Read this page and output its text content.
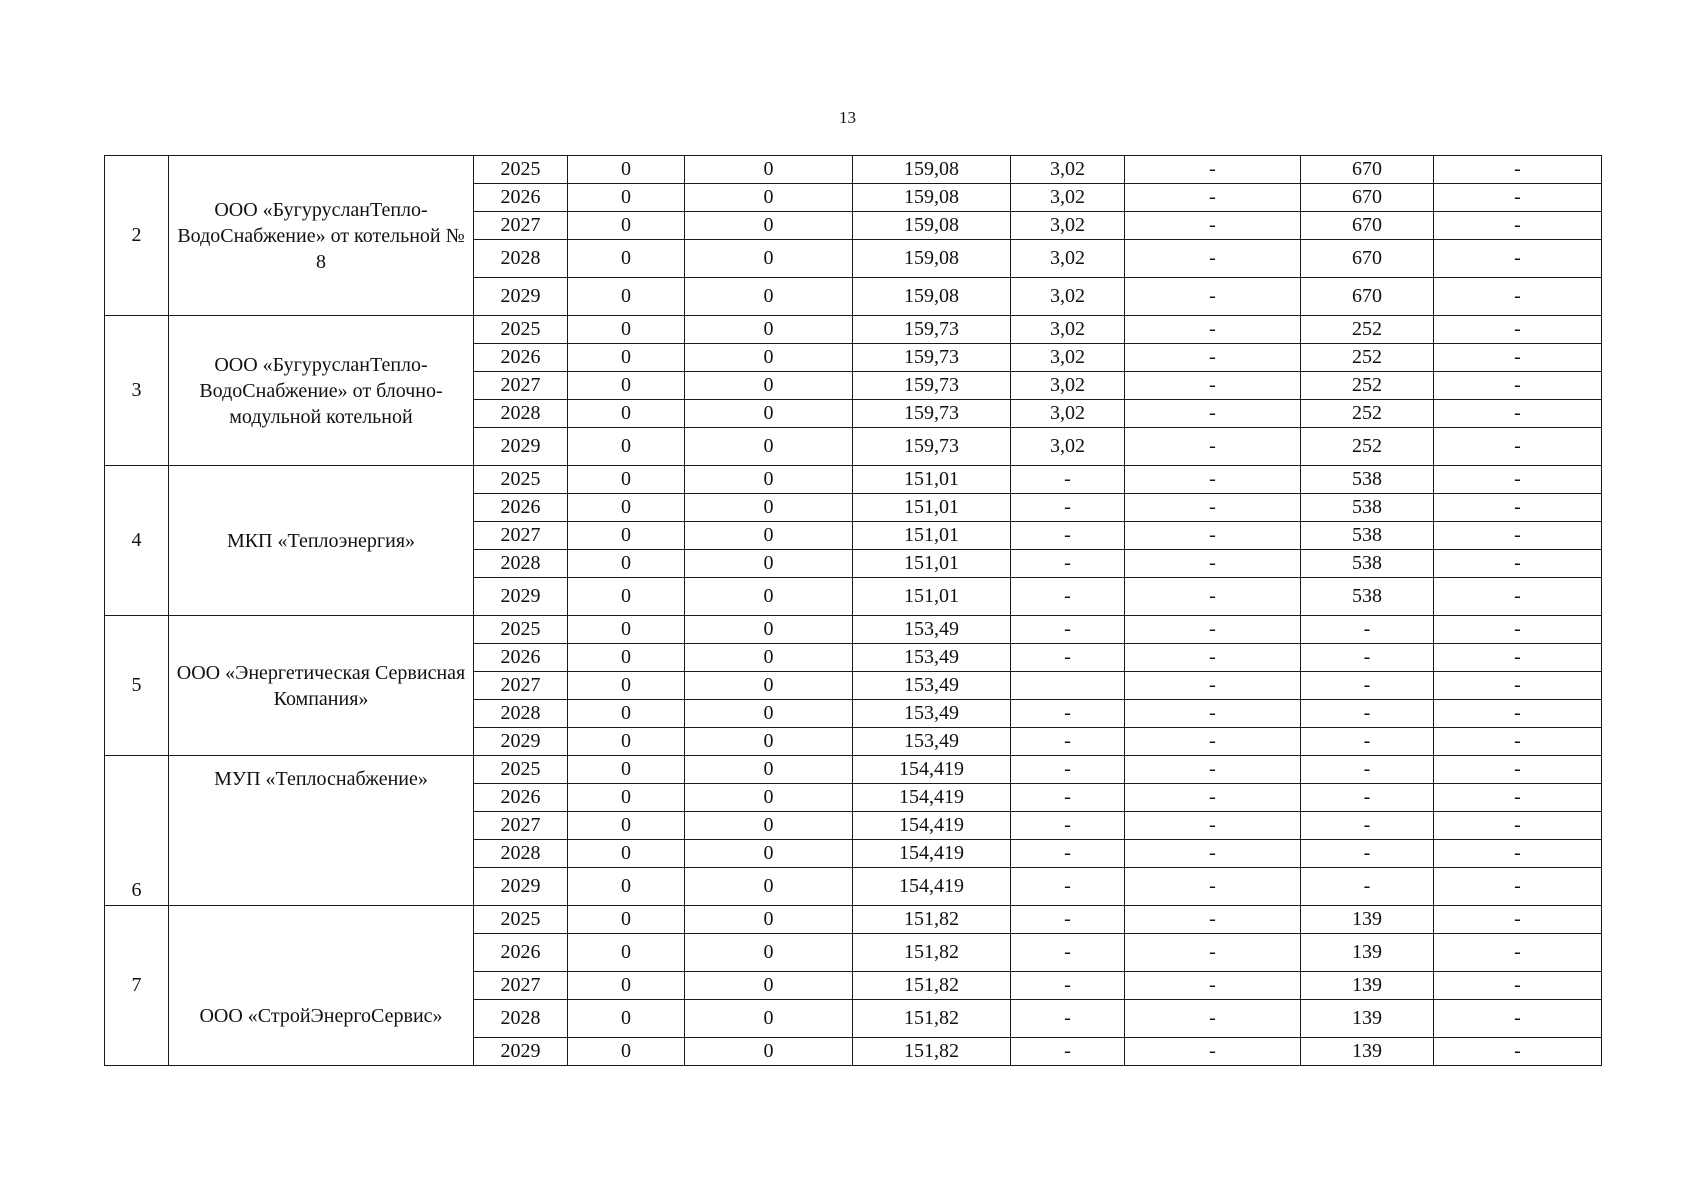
13
2	ООО «БугурусланТепло-ВодоСнабжение» от котельной № 8	2025	0	0	159,08	3,02	-	670	-
		2026	0	0	159,08	3,02	-	670	-
		2027	0	0	159,08	3,02	-	670	-
		2028	0	0	159,08	3,02	-	670	-
		2029	0	0	159,08	3,02	-	670	-
3	ООО «БугурусланТепло-ВодоСнабжение» от блочно-модульной котельной	2025	0	0	159,73	3,02	-	252	-
		2026	0	0	159,73	3,02	-	252	-
		2027	0	0	159,73	3,02	-	252	-
		2028	0	0	159,73	3,02	-	252	-
		2029	0	0	159,73	3,02	-	252	-
4	МКП «Теплоэнергия»	2025	0	0	151,01	-	-	538	-
		2026	0	0	151,01	-	-	538	-
		2027	0	0	151,01	-	-	538	-
		2028	0	0	151,01	-	-	538	-
		2029	0	0	151,01	-	-	538	-
5	ООО «Энергетическая Сервисная Компания»	2025	0	0	153,49	-	-	-	-
		2026	0	0	153,49	-	-	-	-
		2027	0	0	153,49		-	-	-
		2028	0	0	153,49	-	-	-	-
		2029	0	0	153,49	-	-	-	-
6	МУП «Теплоснабжение»	2025	0	0	154,419	-	-	-	-
		2026	0	0	154,419	-	-	-	-
		2027	0	0	154,419	-	-	-	-
		2028	0	0	154,419	-	-	-	-
		2029	0	0	154,419	-	-	-	-
7	ООО «СтройЭнергоСервис»	2025	0	0	151,82	-	-	139	-
		2026	0	0	151,82	-	-	139	-
		2027	0	0	151,82	-	-	139	-
		2028	0	0	151,82	-	-	139	-
		2029	0	0	151,82	-	-	139	-
